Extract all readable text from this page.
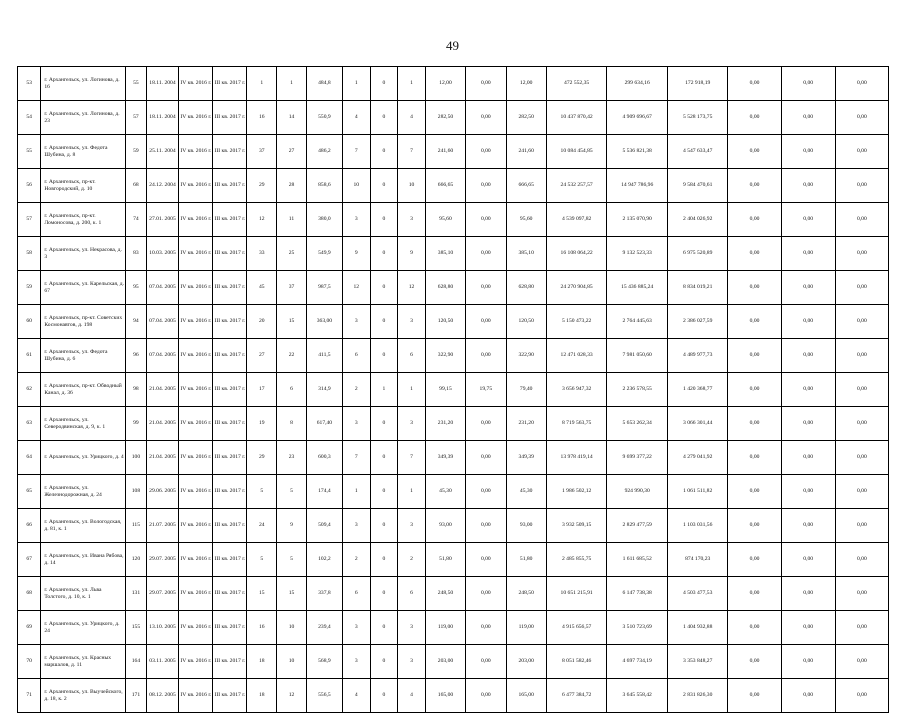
49
53	г. Архангельск, ул. Логинова, д. 16	55	18.11. 2004	IV кв. 2016 г.	III кв. 2017 г.	1	1	484,8	1	0	1	12,00	0,00	12,00	472 552,35	299 634,16	172 918,19	0,00	0,00	0,00
54	г. Архангельск, ул. Логинова, д. 23	57	18.11. 2004	IV кв. 2016 г.	III кв. 2017 г.	16	14	550,9	4	0	4	282,50	0,00	282,50	10 437 870,42	4 909 696,67	5 528 173,75	0,00	0,00	0,00
55	г. Архангельск, ул. Федота Шубина, д. 8	59	25.11. 2004	IV кв. 2016 г.	III кв. 2017 г.	37	27	486,2	7	0	7	241,60	0,00	241,60	10 084 454,85	5 536 821,38	4 547 633,47	0,00	0,00	0,00
56	г. Архангельск, пр-кт. Новгородский, д. 10	68	24.12. 2004	IV кв. 2016 г.	III кв. 2017 г.	29	28	858,6	10	0	10	666,65	0,00	666,65	24 532 257,57	14 947 786,96	9 584 470,61	0,00	0,00	0,00
57	г. Архангельск, пр-кт. Ломоносова, д. 200, к. 1	74	27.01. 2005	IV кв. 2016 г.	III кв. 2017 г.	12	11	380,0	3	0	3	95,60	0,00	95,60	4 539 097,82	2 135 070,90	2 404 026,92	0,00	0,00	0,00
58	г. Архангельск, ул. Некрасова, д. 3	83	10.03. 2005	IV кв. 2016 г.	III кв. 2017 г.	33	25	549,9	9	0	9	385,10	0,00	385,10	16 108 064,22	9 132 523,33	6 975 520,89	0,00	0,00	0,00
59	г. Архангельск, ул. Карельская, д. 67	95	07.04. 2005	IV кв. 2016 г.	III кв. 2017 г.	45	37	987,5	12	0	12	628,80	0,00	628,80	24 270 904,85	15 436 885,24	8 834 019,21	0,00	0,00	0,00
60	г. Архангельск, пр-кт. Советских Космонавтов, д. 198	94	07.04. 2005	IV кв. 2016 г.	III кв. 2017 г.	20	15	363,00	3	0	3	120,50	0,00	120,50	5 150 473,22	2 764 445,63	2 386 027,59	0,00	0,00	0,00
61	г. Архангельск, ул. Федота Шубина, д. 6	96	07.04. 2005	IV кв. 2016 г.	III кв. 2017 г.	27	22	411,5	6	0	6	322,90	0,00	322,90	12 471 028,33	7 981 050,60	4 489 977,73	0,00	0,00	0,00
62	г. Архангельск, пр-кт. Обводный Канал, д. 36	98	21.04. 2005	IV кв. 2016 г.	III кв. 2017 г.	17	6	314,9	2	1	1	99,15	19,75	79,40	3 656 947,32	2 236 578,55	1 420 368,77	0,00	0,00	0,00
63	г. Архангельск, ул. Северодвинская, д. 9, к. 1	99	21.04. 2005	IV кв. 2016 г.	III кв. 2017 г.	19	8	617,40	3	0	3	231,20	0,00	231,20	8 719 563,75	5 653 262,34	3 066 301,44	0,00	0,00	0,00
64	г. Архангельск, ул. Урицкого, д. 4	100	21.04. 2005	IV кв. 2016 г.	III кв. 2017 г.	29	23	600,3	7	0	7	349,39	0,00	349,39	13 978 419,14	9 699 377,22	4 279 041,92	0,00	0,00	0,00
65	г. Архангельск, ул. Железнодорожная, д. 24	108	29.06. 2005	IV кв. 2016 г.	III кв. 2017 г.	5	5	174,4	1	0	1	45,30	0,00	45,30	1 986 502,12	924 990,30	1 061 511,82	0,00	0,00	0,00
66	г. Архангельск, ул. Вологодская, д. 81, к. 1	115	21.07. 2005	IV кв. 2016 г.	III кв. 2017 г.	24	9	509,4	3	0	3	93,00	0,00	93,00	3 932 509,15	2 829 477,59	1 103 031,56	0,00	0,00	0,00
67	г. Архангельск, ул. Ивана Рябова, д. 14	120	29.07. 2005	IV кв. 2016 г.	III кв. 2017 г.	5	5	102,2	2	0	2	51,80	0,00	51,80	2 485 855,75	1 611 685,52	874 170,23	0,00	0,00	0,00
68	г. Архангельск, ул. Льва Толстого, д. 10, к. 1	131	29.07. 2005	IV кв. 2016 г.	III кв. 2017 г.	15	15	337,8	6	0	6	248,50	0,00	248,50	10 651 215,91	6 147 738,38	4 503 477,53	0,00	0,00	0,00
69	г. Архангельск, ул. Урицкого, д. 24	155	13.10. 2005	IV кв. 2016 г.	III кв. 2017 г.	16	10	239,4	3	0	3	119,00	0,00	119,00	4 915 656,57	3 510 723,69	1 404 932,88	0,00	0,00	0,00
70	г. Архангельск, ул. Красных маршалов, д. 11	164	03.11. 2005	IV кв. 2016 г.	III кв. 2017 г.	18	10	568,9	3	0	3	203,00	0,00	203,00	8 051 582,46	4 697 734,19	3 353 848,27	0,00	0,00	0,00
71	г. Архангельск, ул. Выучейского, д. 18, к. 2	171	08.12. 2005	IV кв. 2016 г.	III кв. 2017 г.	18	12	556,5	4	0	4	165,00	0,00	165,00	6 477 384,72	3 645 558,42	2 831 826,30	0,00	0,00	0,00
